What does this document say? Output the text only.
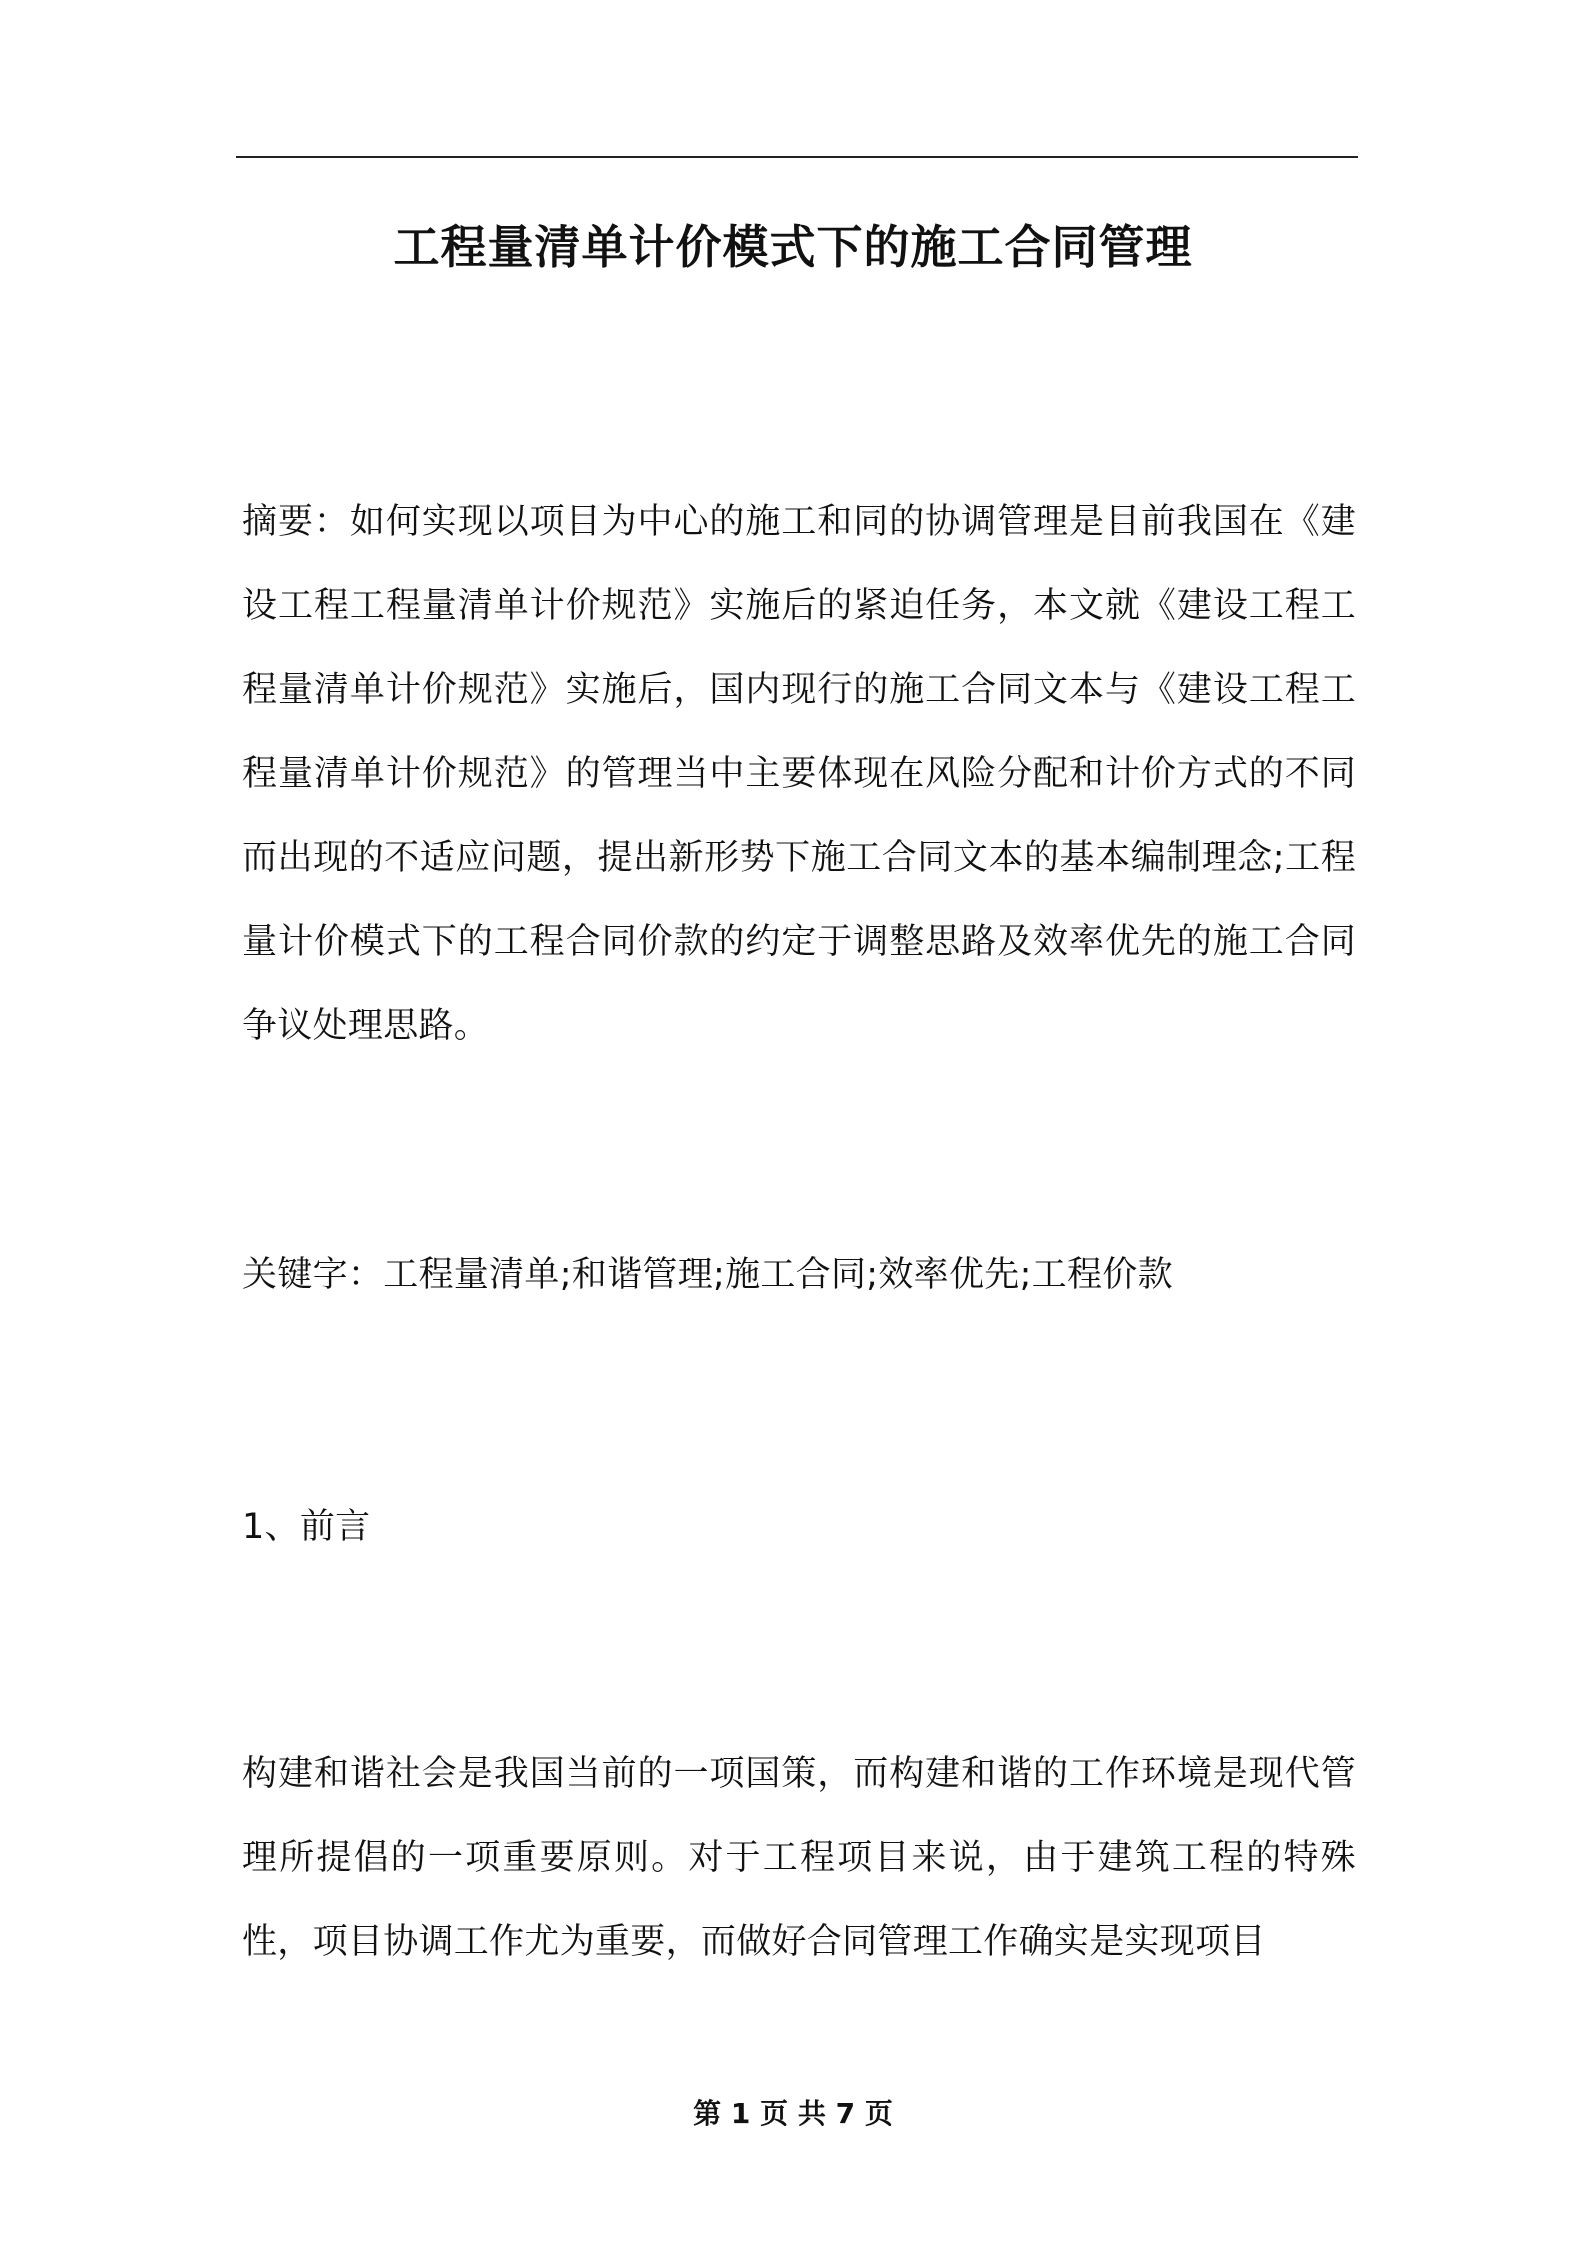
工程量清单计价模式下的施工合同管理
摘要：如何实现以项目为中心的施工和同的协调管理是目前我国在《建设工程工程量清单计价规范》实施后的紧迫任务，本文就《建设工程工程量清单计价规范》实施后，国内现行的施工合同文本与《建设工程工程量清单计价规范》的管理当中主要体现在风险分配和计价方式的不同而出现的不适应问题，提出新形势下施工合同文本的基本编制理念;工程量计价模式下的工程合同价款的约定于调整思路及效率优先的施工合同争议处理思路。
关键字：工程量清单;和谐管理;施工合同;效率优先;工程价款
1、前言
构建和谐社会是我国当前的一项国策，而构建和谐的工作环境是现代管理所提倡的一项重要原则。对于工程项目来说，由于建筑工程的特殊性，项目协调工作尤为重要，而做好合同管理工作确实是实现项目
第 1 页 共 7 页
